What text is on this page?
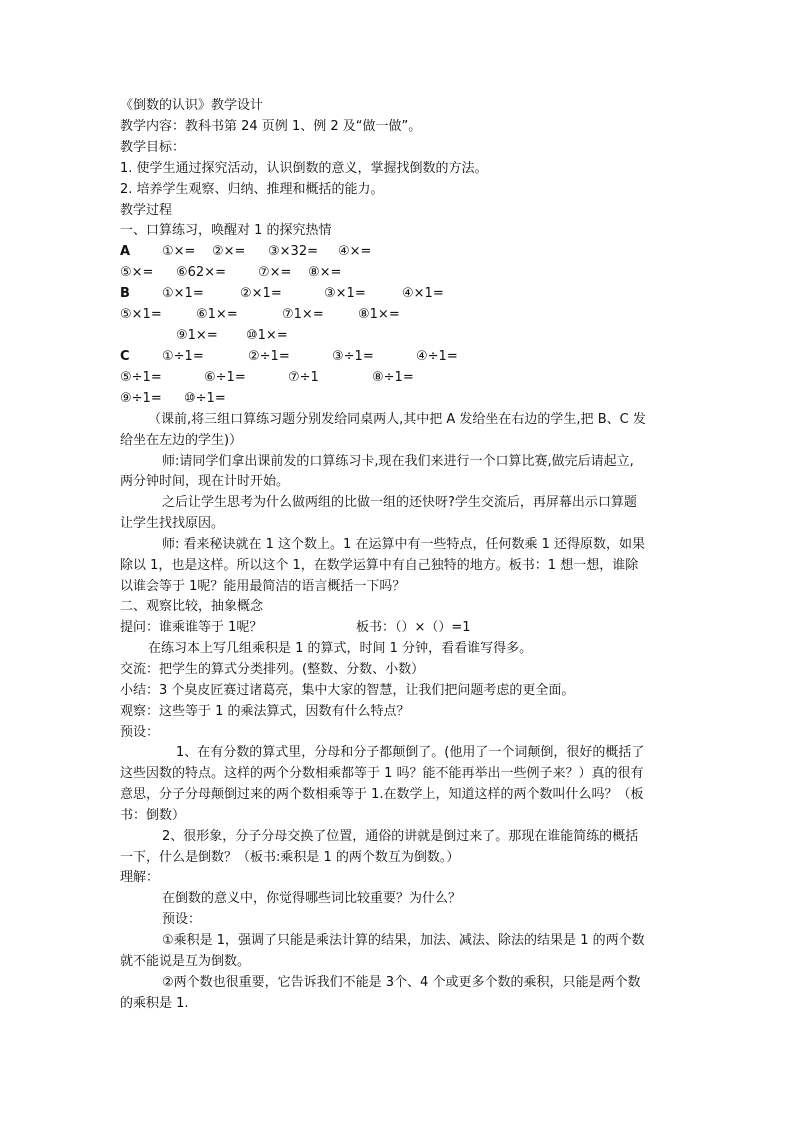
《倒数的认识》教学设计
教学内容：教科书第 24 页例 1、例 2 及“做一做”。
教学目标：
1. 使学生通过探究活动，认识倒数的意义，掌握找倒数的方法。
2. 培养学生观察、归纳、推理和概括的能力。
教学过程
一、口算练习，唤醒对 1 的探究热情
A ①×= ②×= ③×32= ④×=
⑤×= ⑥62×= ⑦×= ⑧×=
B ①×1=	②×1=	③×1=	④×1=
⑤×1=	⑥1×=	⑦1×=	⑧1×=
⑨1×= ⑩1×=
C ①÷1=	②÷1=	③÷1=	④÷1=
⑤÷1=	⑥÷1=	⑦÷1	⑧÷1=
⑨÷1= ⑩÷1=
（课前,将三组口算练习题分别发给同桌两人,其中把 A 发给坐在右边的学生,把 B、C 发
给坐在左边的学生)）
师:请同学们拿出课前发的口算练习卡,现在我们来进行一个口算比赛,做完后请起立,
两分钟时间，现在计时开始。
之后让学生思考为什么做两组的比做一组的还快呀?学生交流后，再屏幕出示口算题
让学生找找原因。
师: 看来秘诀就在 1 这个数上。1 在运算中有一些特点，任何数乘 1 还得原数，如果
除以 1，也是这样。所以这个 1，在数学运算中有自己独特的地方。板书：1 想一想，谁除
以谁会等于 1呢？能用最简洁的语言概括一下吗？
二、观察比较，抽象概念
提问：谁乘谁等于 1呢？	板书：（）×（）=1
在练习本上写几组乘积是 1 的算式，时间 1 分钟，看看谁写得多。
交流：把学生的算式分类排列。(整数、分数、小数）
小结：3 个臭皮匠赛过诸葛亮，集中大家的智慧，让我们把问题考虑的更全面。
观察：这些等于 1 的乘法算式，因数有什么特点？
预设：
1、在有分数的算式里，分母和分子都颠倒了。(他用了一个词颠倒，很好的概括了
这些因数的特点。这样的两个分数相乘都等于 1 吗？能不能再举出一些例子来？）真的很有
意思，分子分母颠倒过来的两个数相乘等于 1.在数学上，知道这样的两个数叫什么吗？（板
书：倒数）
2、很形象，分子分母交换了位置，通俗的讲就是倒过来了。那现在谁能简练的概括
一下，什么是倒数？（板书:乘积是 1 的两个数互为倒数。）
理解：
在倒数的意义中，你觉得哪些词比较重要？为什么？
预设：
①乘积是 1，强调了只能是乘法计算的结果，加法、减法、除法的结果是 1 的两个数
就不能说是互为倒数。
②两个数也很重要，它告诉我们不能是 3个、4 个或更多个数的乘积，只能是两个数
的乘积是 1.
